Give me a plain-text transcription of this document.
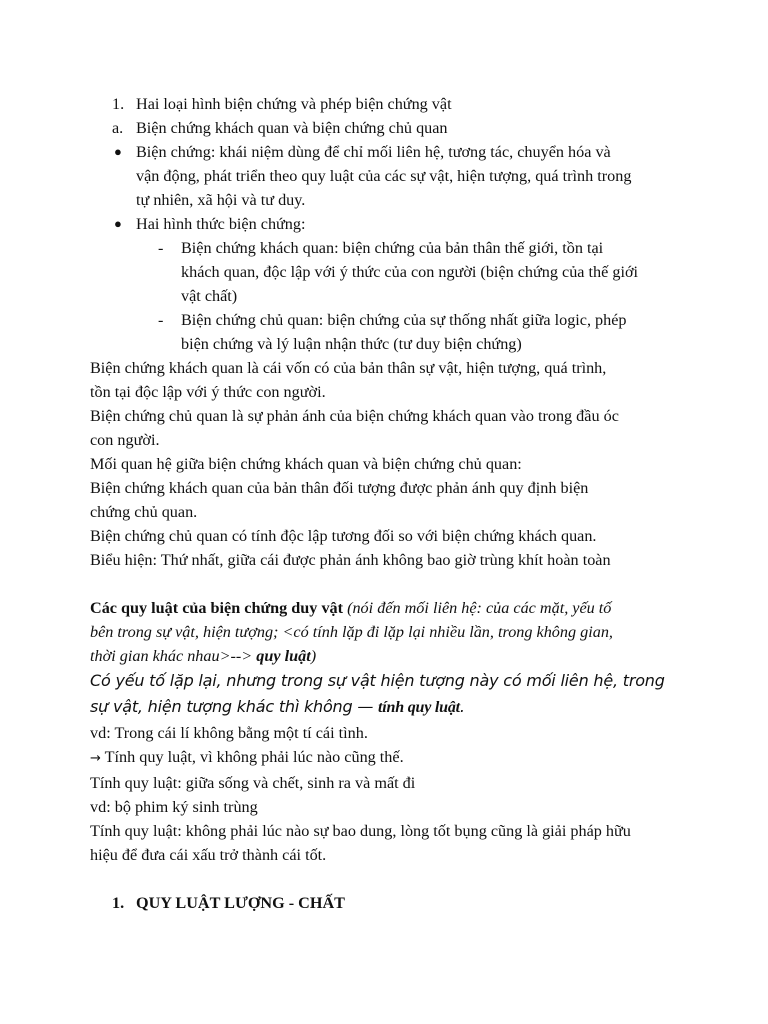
1. Hai loại hình biện chứng và phép biện chứng vật
a. Biện chứng khách quan và biện chứng chủ quan
● Biện chứng: khái niệm dùng để chỉ mối liên hệ, tương tác, chuyển hóa và
vận động, phát triển theo quy luật của các sự vật, hiện tượng, quá trình trong
tự nhiên, xã hội và tư duy.
● Hai hình thức biện chứng:
- Biện chứng khách quan: biện chứng của bản thân thế giới, tồn tại
khách quan, độc lập với ý thức của con người (biện chứng của thế giới
vật chất)
- Biện chứng chủ quan: biện chứng của sự thống nhất giữa logic, phép
biện chứng và lý luận nhận thức (tư duy biện chứng)
Biện chứng khách quan là cái vốn có của bản thân sự vật, hiện tượng, quá trình,
tồn tại độc lập với ý thức con người.
Biện chứng chủ quan là sự phản ánh của biện chứng khách quan vào trong đầu óc
con người.
Mối quan hệ giữa biện chứng khách quan và biện chứng chủ quan:
Biện chứng khách quan của bản thân đối tượng được phản ánh quy định biện
chứng chủ quan.
Biện chứng chủ quan có tính độc lập tương đối so với biện chứng khách quan.
Biểu hiện: Thứ nhất, giữa cái được phản ánh không bao giờ trùng khít hoàn toàn
Các quy luật của biện chứng duy vật (nói đến mối liên hệ: của các mặt, yếu tố
bên trong sự vật, hiện tượng; <có tính lặp đi lặp lại nhiều lần, trong không gian,
thời gian khác nhau>--> quy luật)
Có yếu tố lặp lại, nhưng trong sự vật hiện tượng này có mối liên hệ, trong
sự vật, hiện tượng khác thì không — tính quy luật.
vd: Trong cái lí không bằng một tí cái tình.
→ Tính quy luật, vì không phải lúc nào cũng thế.
Tính quy luật: giữa sống và chết, sinh ra và mất đi
vd: bộ phim ký sinh trùng
Tính quy luật: không phải lúc nào sự bao dung, lòng tốt bụng cũng là giải pháp hữu
hiệu để đưa cái xấu trở thành cái tốt.
1. QUY LUẬT LƯỢNG - CHẤT
